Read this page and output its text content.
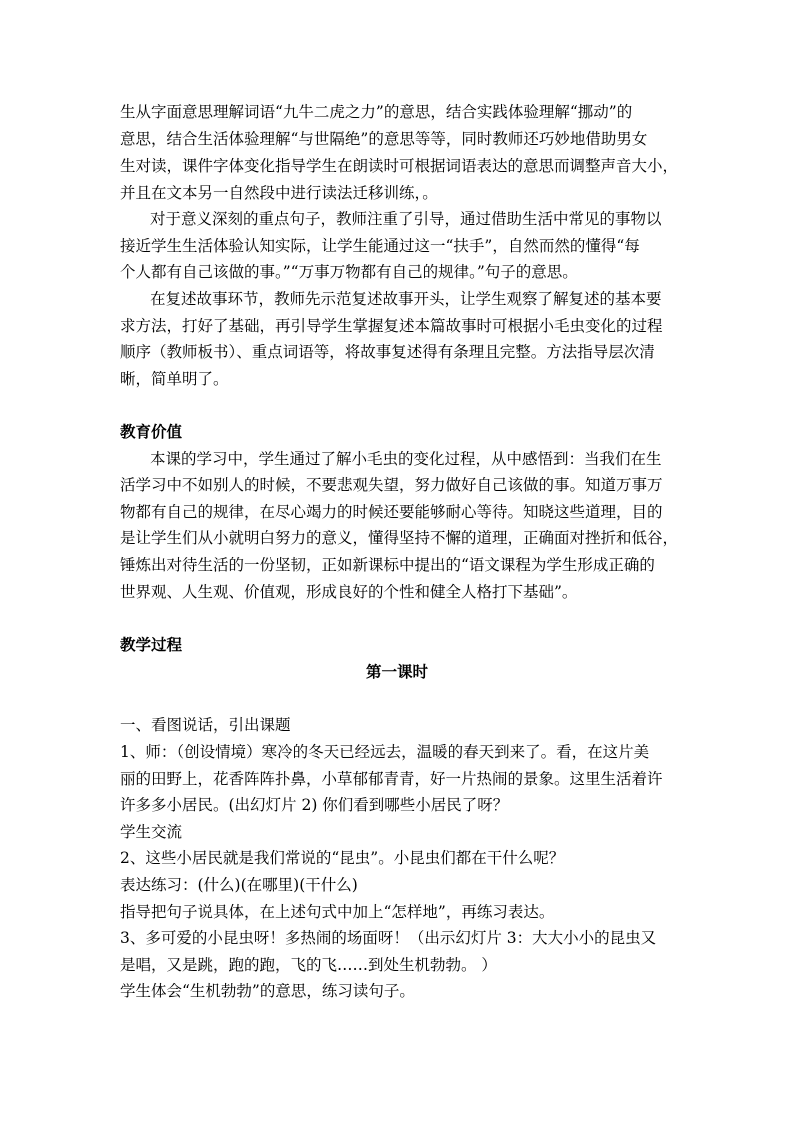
生从字面意思理解词语“九牛二虎之力”的意思，结合实践体验理解“挪动”的
意思，结合生活体验理解“与世隔绝”的意思等等，同时教师还巧妙地借助男女
生对读，课件字体变化指导学生在朗读时可根据词语表达的意思而调整声音大小，
并且在文本另一自然段中进行读法迁移训练，。
对于意义深刻的重点句子，教师注重了引导，通过借助生活中常见的事物以
接近学生生活体验认知实际，让学生能通过这一“扶手”，自然而然的懂得“每
个人都有自己该做的事。”“万事万物都有自己的规律。”句子的意思。
在复述故事环节，教师先示范复述故事开头，让学生观察了解复述的基本要
求方法，打好了基础，再引导学生掌握复述本篇故事时可根据小毛虫变化的过程
顺序（教师板书）、重点词语等，将故事复述得有条理且完整。方法指导层次清
晰，简单明了。
教育价值
本课的学习中，学生通过了解小毛虫的变化过程，从中感悟到：当我们在生
活学习中不如别人的时候，不要悲观失望，努力做好自己该做的事。知道万事万
物都有自己的规律，在尽心竭力的时候还要能够耐心等待。知晓这些道理，目的
是让学生们从小就明白努力的意义，懂得坚持不懈的道理，正确面对挫折和低谷，
锤炼出对待生活的一份坚韧，正如新课标中提出的“语文课程为学生形成正确的
世界观、人生观、价值观，形成良好的个性和健全人格打下基础”。
教学过程
第一课时
一、看图说话，引出课题
1、师：（创设情境）寒冷的冬天已经远去，温暖的春天到来了。看，在这片美
丽的田野上，花香阵阵扑鼻，小草郁郁青青，好一片热闹的景象。这里生活着许
许多多小居民。(出幻灯片 2) 你们看到哪些小居民了呀？
学生交流
2、这些小居民就是我们常说的“昆虫”。小昆虫们都在干什么呢？
表达练习：(什么)(在哪里)(干什么)
指导把句子说具体，在上述句式中加上“怎样地”，再练习表达。
3、多可爱的小昆虫呀！多热闹的场面呀！（出示幻灯片 3：大大小小的昆虫又
是唱，又是跳，跑的跑，飞的飞……到处生机勃勃。 ）
学生体会“生机勃勃”的意思，练习读句子。
